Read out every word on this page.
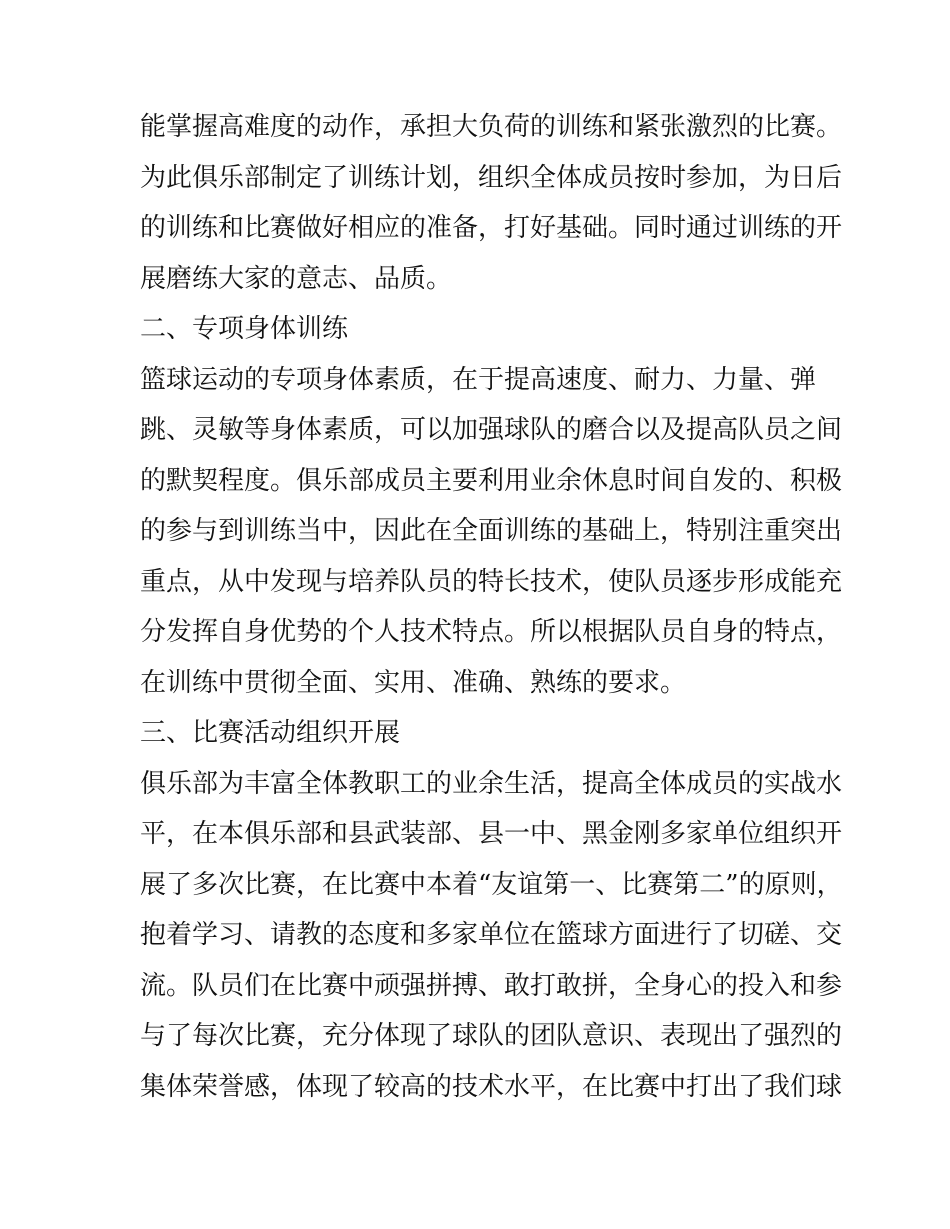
能掌握高难度的动作，承担大负荷的训练和紧张激烈的比赛。
为此俱乐部制定了训练计划，组织全体成员按时参加，为日后
的训练和比赛做好相应的准备，打好基础。同时通过训练的开
展磨练大家的意志、品质。
二、专项身体训练
篮球运动的专项身体素质，在于提高速度、耐力、力量、弹
跳、灵敏等身体素质，可以加强球队的磨合以及提高队员之间
的默契程度。俱乐部成员主要利用业余休息时间自发的、积极
的参与到训练当中，因此在全面训练的基础上，特别注重突出
重点，从中发现与培养队员的特长技术，使队员逐步形成能充
分发挥自身优势的个人技术特点。所以根据队员自身的特点，
在训练中贯彻全面、实用、准确、熟练的要求。
三、比赛活动组织开展
俱乐部为丰富全体教职工的业余生活，提高全体成员的实战水
平，在本俱乐部和县武装部、县一中、黑金刚多家单位组织开
展了多次比赛，在比赛中本着“友谊第一、比赛第二”的原则，
抱着学习、请教的态度和多家单位在篮球方面进行了切磋、交
流。队员们在比赛中顽强拼搏、敢打敢拼，全身心的投入和参
与了每次比赛，充分体现了球队的团队意识、表现出了强烈的
集体荣誉感，体现了较高的技术水平，在比赛中打出了我们球
